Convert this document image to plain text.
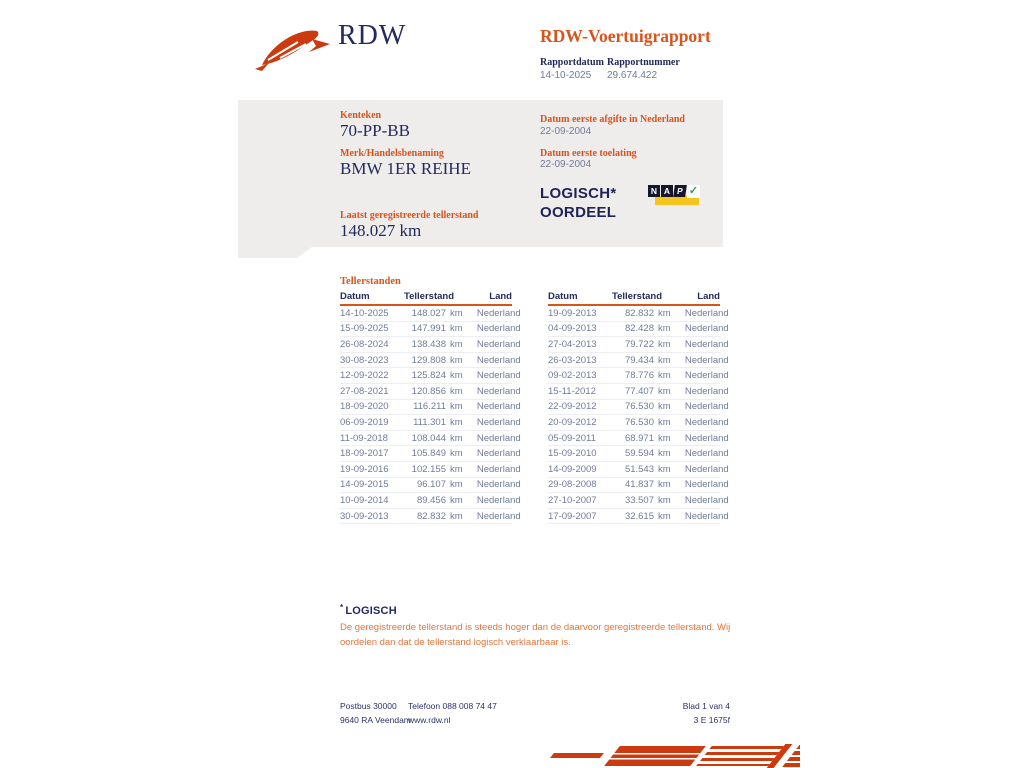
RDW	RDW-Voertuigrapport
Rapportdatum Rapportnummer
14-10-2025 29.674.422
Kenteken
70-PP-BB
Merk/Handelsbenaming
BMW 1ER REIHE
Laatst geregistreerde tellerstand
148.027 km
Datum eerste afgifte in Nederland
22-09-2004
Datum eerste toelating
22-09-2004
LOGISCH*
OORDEEL
N A P ✓
Tellerstanden
Datum	Tellerstand	Land
14-10-2025	148.027 km	Nederland
15-09-2025	147.991 km	Nederland
26-08-2024	138.438 km	Nederland
30-08-2023	129.808 km	Nederland
12-09-2022	125.824 km	Nederland
27-08-2021	120.856 km	Nederland
18-09-2020	116.211 km	Nederland
06-09-2019	111.301 km	Nederland
11-09-2018	108.044 km	Nederland
18-09-2017	105.849 km	Nederland
19-09-2016	102.155 km	Nederland
14-09-2015	96.107 km	Nederland
10-09-2014	89.456 km	Nederland
30-09-2013	82.832 km	Nederland
Datum	Tellerstand	Land
19-09-2013	82.832 km	Nederland
04-09-2013	82.428 km	Nederland
27-04-2013	79.722 km	Nederland
26-03-2013	79.434 km	Nederland
09-02-2013	78.776 km	Nederland
15-11-2012	77.407 km	Nederland
22-09-2012	76.530 km	Nederland
20-09-2012	76.530 km	Nederland
05-09-2011	68.971 km	Nederland
15-09-2010	59.594 km	Nederland
14-09-2009	51.543 km	Nederland
29-08-2008	41.837 km	Nederland
27-10-2007	33.507 km	Nederland
17-09-2007	32.615 km	Nederland
* LOGISCH
De geregistreerde tellerstand is steeds hoger dan de daarvoor geregistreerde tellerstand. Wij oordelen dan dat de tellerstand logisch verklaarbaar is.
Postbus 30000
9640 RA Veendam
Telefoon 088 008 74 47
www.rdw.nl
Blad 1 van 4
3 E 1675f
